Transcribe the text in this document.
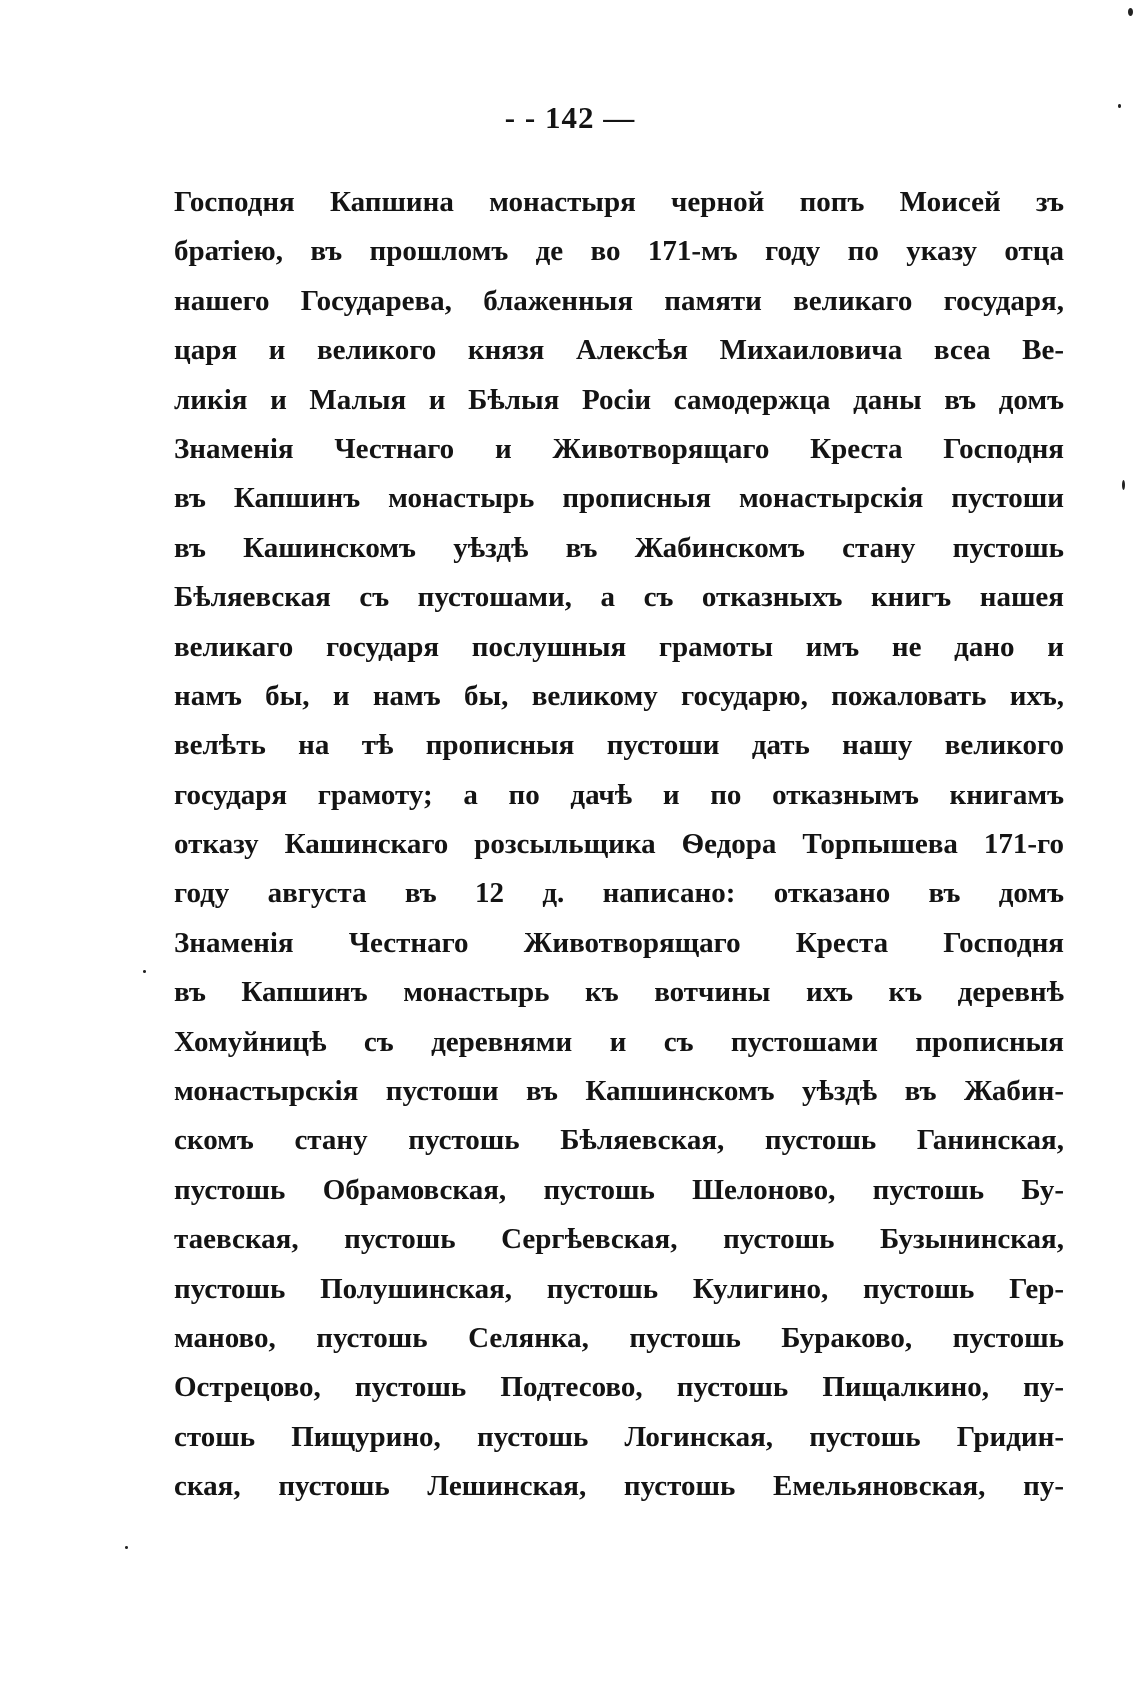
- - 142 —
Господня Капшина монастыря черной попъ Моисей зъ
братiею, въ прошломъ де во 171-мъ году по указу отца
нашего Государева, блаженныя памяти великаго государя,
царя и великого князя Алексѣя Михаиловича всеа Ве-
ликiя и Малыя и Бѣлыя Росiи самодержца даны въ домъ
Знаменiя Честнаго и Животворящаго Креста Господня
въ Капшинъ монастырь прописныя монастырскiя пустоши
въ Кашинскомъ уѣздѣ въ Жабинскомъ стану пустошь
Бѣляевская съ пустошами, а съ отказныхъ книгъ нашея
великаго государя послушныя грамоты имъ не дано и
намъ бы, и намъ бы, великому государю, пожаловать ихъ,
велѣть на тѣ прописныя пустоши дать нашу великого
государя грамоту; а по дачѣ и по отказнымъ книгамъ
отказу Кашинскаго розсыльщика Ѳедора Торпышева 171-го
году августа въ 12 д. написано: отказано въ домъ
Знаменiя Честнаго Животворящаго Креста Господня
въ Капшинъ монастырь къ вотчины ихъ къ деревнѣ
Хомуйницѣ съ деревнями и съ пустошами прописныя
монастырскiя пустоши въ Капшинскомъ уѣздѣ въ Жабин-
скомъ стану пустошь Бѣляевская, пустошь Ганинская,
пустошь Обрамовская, пустошь Шелоново, пустошь Бу-
таевская, пустошь Сергѣевская, пустошь Бузынинская,
пустошь Полушинская, пустошь Кулигино, пустошь Гер-
маново, пустошь Селянка, пустошь Бураково, пустошь
Острецово, пустошь Подтесово, пустошь Пищалкино, пу-
стошь Пищурино, пустошь Логинская, пустошь Гридин-
ская, пустошь Лешинская, пустошь Емельяновская, пу-
